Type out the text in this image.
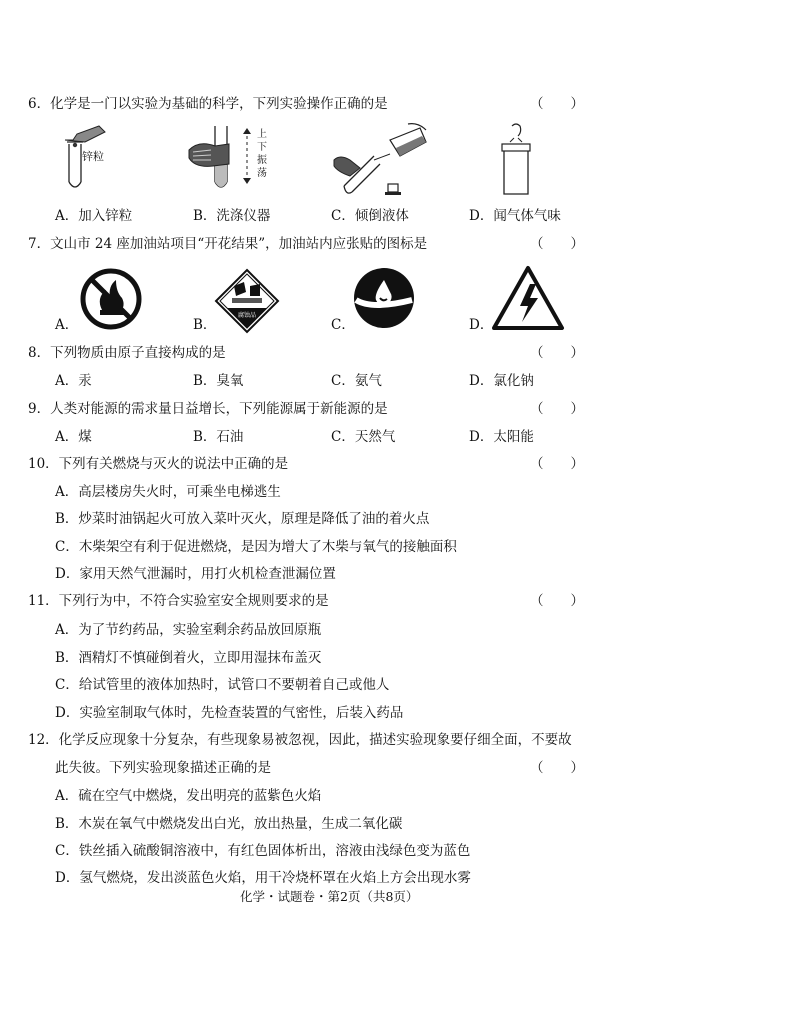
6．化学是一门以实验为基础的科学，下列实验操作正确的是	（　　）
锌粒
上
下
振
荡
A．加入锌粒	B．洗涤仪器	C．倾倒液体	D．闻气体气味
7．文山市 24 座加油站项目“开花结果”，加油站内应张贴的图标是	（　　）
A．	B．
腐蚀品
C．	D．
8．下列物质由原子直接构成的是	（　　）
A．汞	B．臭氧	C．氨气	D．氯化钠
9．人类对能源的需求量日益增长，下列能源属于新能源的是	（　　）
A．煤	B．石油	C．天然气	D．太阳能
10．下列有关燃烧与灭火的说法中正确的是	（　　）
A．高层楼房失火时，可乘坐电梯逃生
B．炒菜时油锅起火可放入菜叶灭火，原理是降低了油的着火点
C．木柴架空有利于促进燃烧，是因为增大了木柴与氧气的接触面积
D．家用天然气泄漏时，用打火机检查泄漏位置
11．下列行为中，不符合实验室安全规则要求的是	（　　）
A．为了节约药品，实验室剩余药品放回原瓶
B．酒精灯不慎碰倒着火，立即用湿抹布盖灭
C．给试管里的液体加热时，试管口不要朝着自己或他人
D．实验室制取气体时，先检查装置的气密性，后装入药品
12．化学反应现象十分复杂，有些现象易被忽视，因此，描述实验现象要仔细全面，不要故
此失彼。下列实验现象描述正确的是	（　　）
A．硫在空气中燃烧，发出明亮的蓝紫色火焰
B．木炭在氧气中燃烧发出白光，放出热量，生成二氧化碳
C．铁丝插入硫酸铜溶液中，有红色固体析出，溶液由浅绿色变为蓝色
D．氢气燃烧，发出淡蓝色火焰，用干冷烧杯罩在火焰上方会出现水雾
化学・试题卷・第2页（共8页）
